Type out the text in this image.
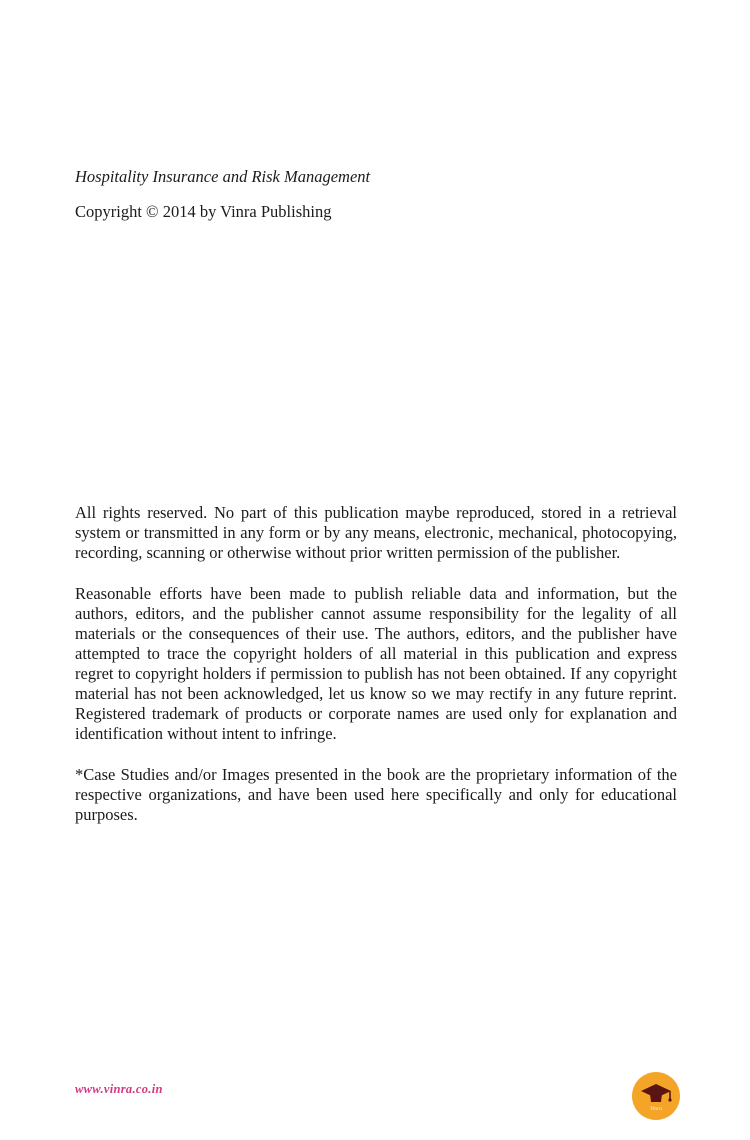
Hospitality Insurance and Risk Management

Copyright © 2014 by Vinra Publishing

All rights reserved. No part of this publication maybe reproduced, stored in a retrieval system or transmitted in any form or by any means, electronic, mechanical, photocopying, recording, scanning or otherwise without prior written permission of the publisher.

Reasonable efforts have been made to publish reliable data and information, but the authors, editors, and the publisher cannot assume responsibility for the legality of all materials or the consequences of their use. The authors, editors, and the publisher have attempted to trace the copyright holders of all material in this publication and express regret to copyright holders if permission to publish has not been obtained. If any copyright material has not been acknowledged, let us know so we may rectify in any future reprint. Registered trademark of products or corporate names are used only for explanation and identification without intent to infringe.

*Case Studies and/or Images presented in the book are the proprietary information of the respective organizations, and have been used here specifically and only for educational purposes.

www.vinra.co.in
Vinra
